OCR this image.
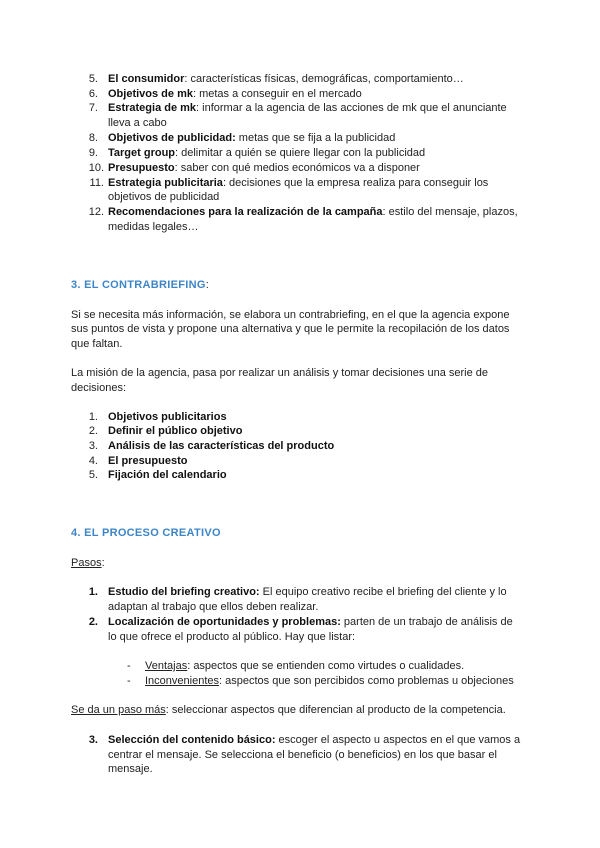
5. El consumidor: características físicas, demográficas, comportamiento…
6. Objetivos de mk: metas a conseguir en el mercado
7. Estrategia de mk: informar a la agencia de las acciones de mk que el anunciante
lleva a cabo
8. Objetivos de publicidad: metas que se fija a la publicidad
9. Target group: delimitar a quién se quiere llegar con la publicidad
10. Presupuesto: saber con qué medios económicos va a disponer
11. Estrategia publicitaria: decisiones que la empresa realiza para conseguir los
objetivos de publicidad
12. Recomendaciones para la realización de la campaña: estilo del mensaje, plazos,
medidas legales…
3. EL CONTRABRIEFING:
Si se necesita más información, se elabora un contrabriefing, en el que la agencia expone
sus puntos de vista y propone una alternativa y que le permite la recopilación de los datos
que faltan.
La misión de la agencia, pasa por realizar un análisis y tomar decisiones una serie de
decisiones:
1. Objetivos publicitarios
2. Definir el público objetivo
3. Análisis de las características del producto
4. El presupuesto
5. Fijación del calendario
4. EL PROCESO CREATIVO
Pasos:
1. Estudio del briefing creativo: El equipo creativo recibe el briefing del cliente y lo
adaptan al trabajo que ellos deben realizar.
2. Localización de oportunidades y problemas: parten de un trabajo de análisis de
lo que ofrece el producto al público. Hay que listar:
- Ventajas: aspectos que se entienden como virtudes o cualidades.
- Inconvenientes: aspectos que son percibidos como problemas u objeciones
Se da un paso más: seleccionar aspectos que diferencian al producto de la competencia.
3. Selección del contenido básico: escoger el aspecto u aspectos en el que vamos a
centrar el mensaje. Se selecciona el beneficio (o beneficios) en los que basar el
mensaje.
